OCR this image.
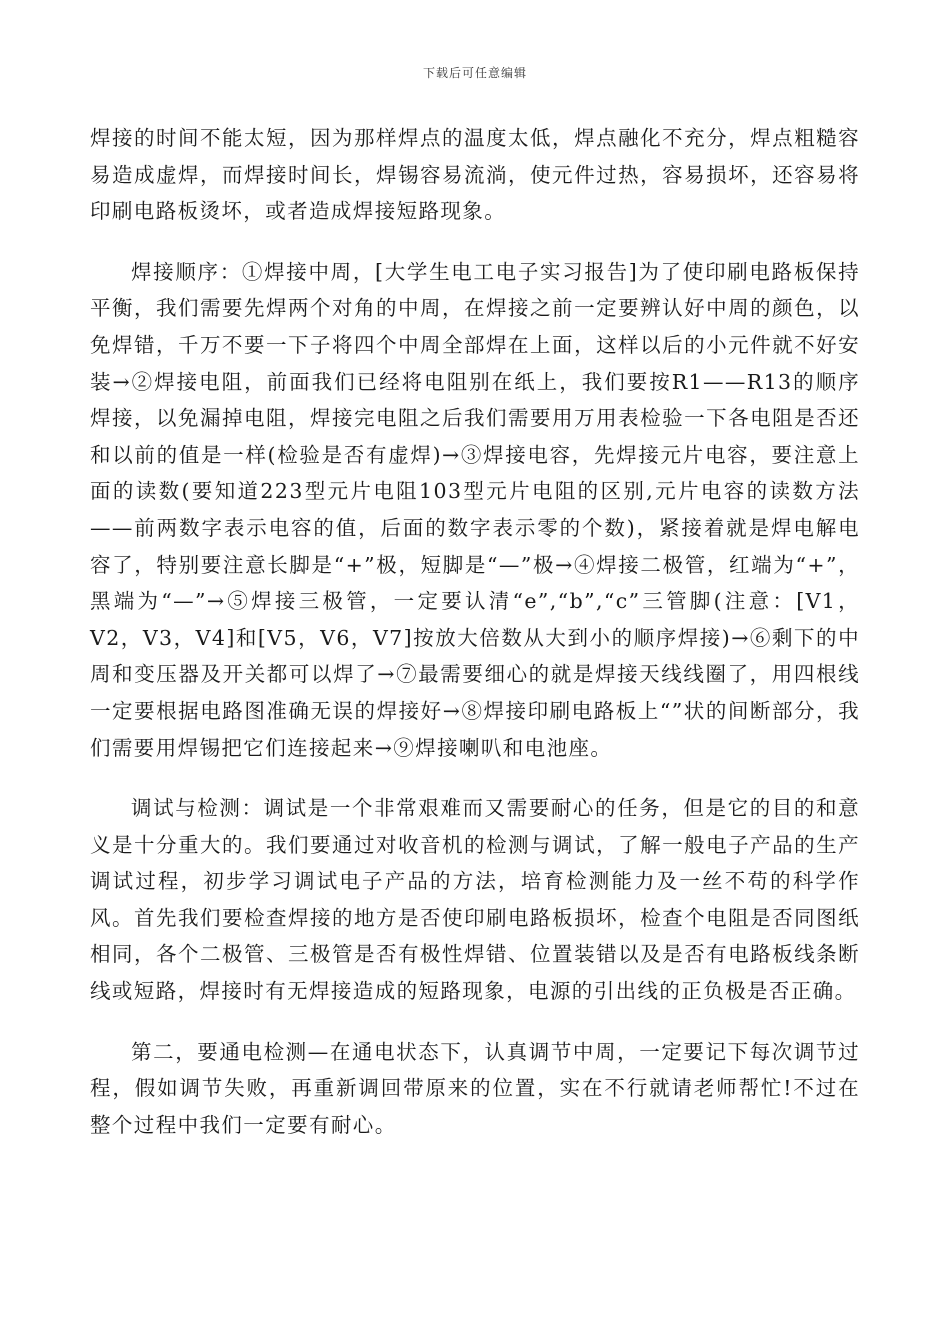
下载后可任意编辑

焊接的时间不能太短，因为那样焊点的温度太低，焊点融化不充分，焊点粗糙容易造成虚焊，而焊接时间长，焊锡容易流淌，使元件过热，容易损坏，还容易将印刷电路板烫坏，或者造成焊接短路现象。

焊接顺序：①焊接中周，[大学生电工电子实习报告]为了使印刷电路板保持平衡，我们需要先焊两个对角的中周，在焊接之前一定要辨认好中周的颜色，以免焊错，千万不要一下子将四个中周全部焊在上面，这样以后的小元件就不好安装→②焊接电阻，前面我们已经将电阻别在纸上，我们要按R1——R13的顺序焊接，以免漏掉电阻，焊接完电阻之后我们需要用万用表检验一下各电阻是否还和以前的值是一样(检验是否有虚焊)→③焊接电容，先焊接元片电容，要注意上面的读数(要知道223型元片电阻103型元片电阻的区别,元片电容的读数方法——前两数字表示电容的值，后面的数字表示零的个数)，紧接着就是焊电解电容了，特别要注意长脚是“+”极，短脚是“—”极→④焊接二极管，红端为“+”，黑端为“—”→⑤焊接三极管，一定要认清“e”,“b”,“c”三管脚(注意：[V1，V2，V3，V4]和[V5，V6，V7]按放大倍数从大到小的顺序焊接)→⑥剩下的中周和变压器及开关都可以焊了→⑦最需要细心的就是焊接天线线圈了，用四根线一定要根据电路图准确无误的焊接好→⑧焊接印刷电路板上“”状的间断部分，我们需要用焊锡把它们连接起来→⑨焊接喇叭和电池座。

调试与检测：调试是一个非常艰难而又需要耐心的任务，但是它的目的和意义是十分重大的。我们要通过对收音机的检测与调试，了解一般电子产品的生产调试过程，初步学习调试电子产品的方法，培育检测能力及一丝不苟的科学作风。首先我们要检查焊接的地方是否使印刷电路板损坏，检查个电阻是否同图纸相同，各个二极管、三极管是否有极性焊错、位置装错以及是否有电路板线条断线或短路，焊接时有无焊接造成的短路现象，电源的引出线的正负极是否正确。

第二，要通电检测—在通电状态下，认真调节中周，一定要记下每次调节过程，假如调节失败，再重新调回带原来的位置，实在不行就请老师帮忙!不过在整个过程中我们一定要有耐心。
